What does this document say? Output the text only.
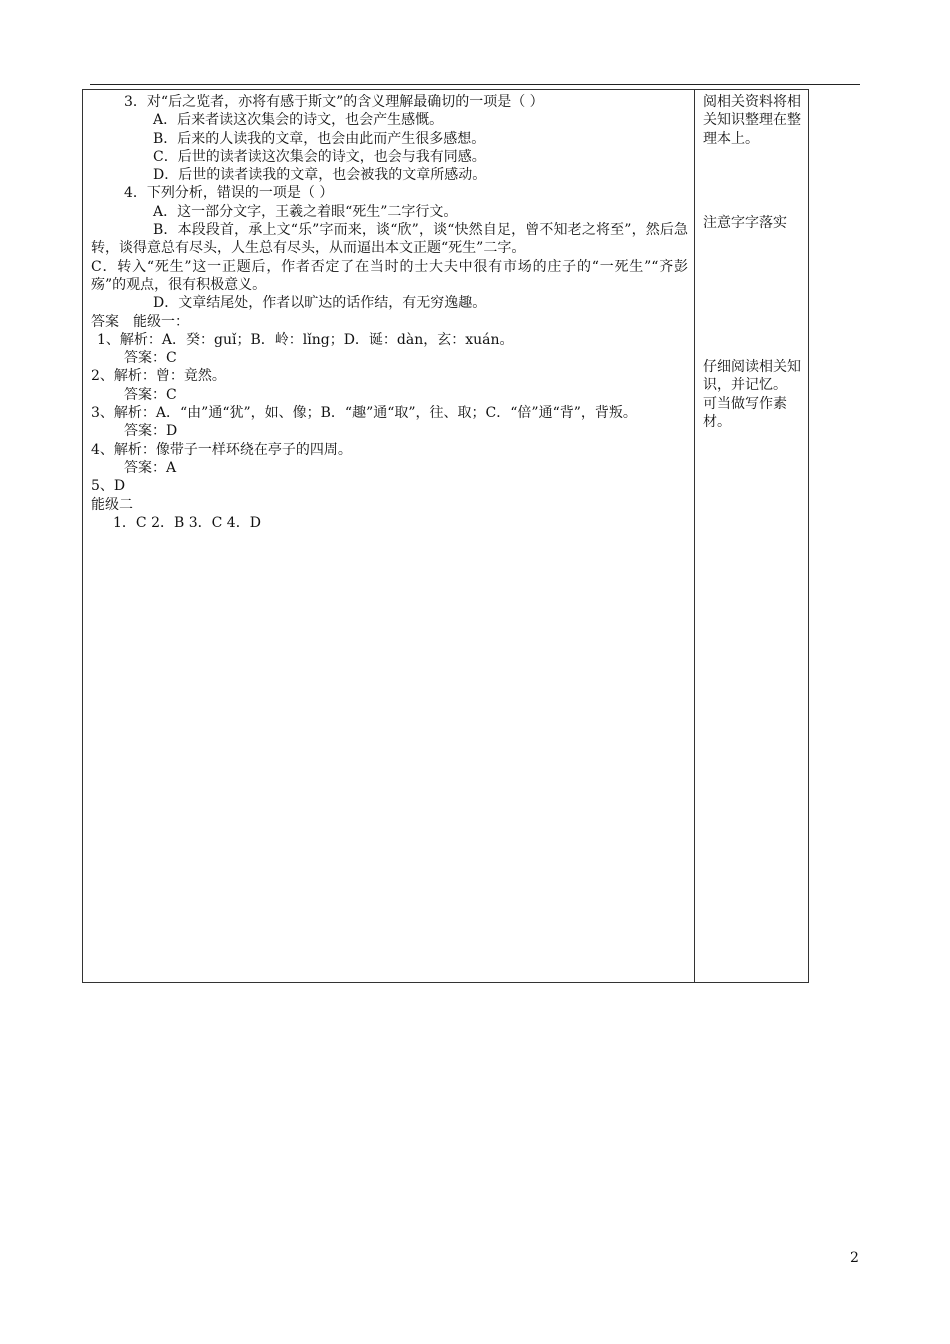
3．对“后之览者，亦将有感于斯文”的含义理解最确切的一项是（ ）

A．后来者读这次集会的诗文，也会产生感慨。

B．后来的人读我的文章，也会由此而产生很多感想。

C．后世的读者读这次集会的诗文，也会与我有同感。

D．后世的读者读我的文章，也会被我的文章所感动。

4．下列分析，错误的一项是（ ）

A．这一部分文字，王羲之着眼“死生”二字行文。

B．本段段首，承上文“乐”字而来，谈“欣”，谈“快然自足，曾不知老之将至”，然后急转，谈得意总有尽头，人生总有尽头，从而逼出本文正题“死生”二字。

C．转入“死生”这一正题后，作者否定了在当时的士大夫中很有市场的庄子的“一死生”“齐彭殇”的观点，很有积极意义。

D．文章结尾处，作者以旷达的话作结，有无穷逸趣。

答案　能级一：

1、解析：A．癸：guǐ；B．岭：lǐng；D．诞：dàn，玄：xuán。

答案：C

2、解析：曾：竟然。

答案：C

3、解析：A．“由”通“犹”，如、像；B．“趣”通“取”，往、取；C．“倍”通“背”，背叛。

答案：D

4、解析：像带子一样环绕在亭子的四周。

答案：A

5、D

能级二

1．C 2．B 3．C 4．D

阅相关资料将相关知识整理在整理本上。

注意字字落实

仔细阅读相关知识，并记忆。

可当做写作素材。

2
